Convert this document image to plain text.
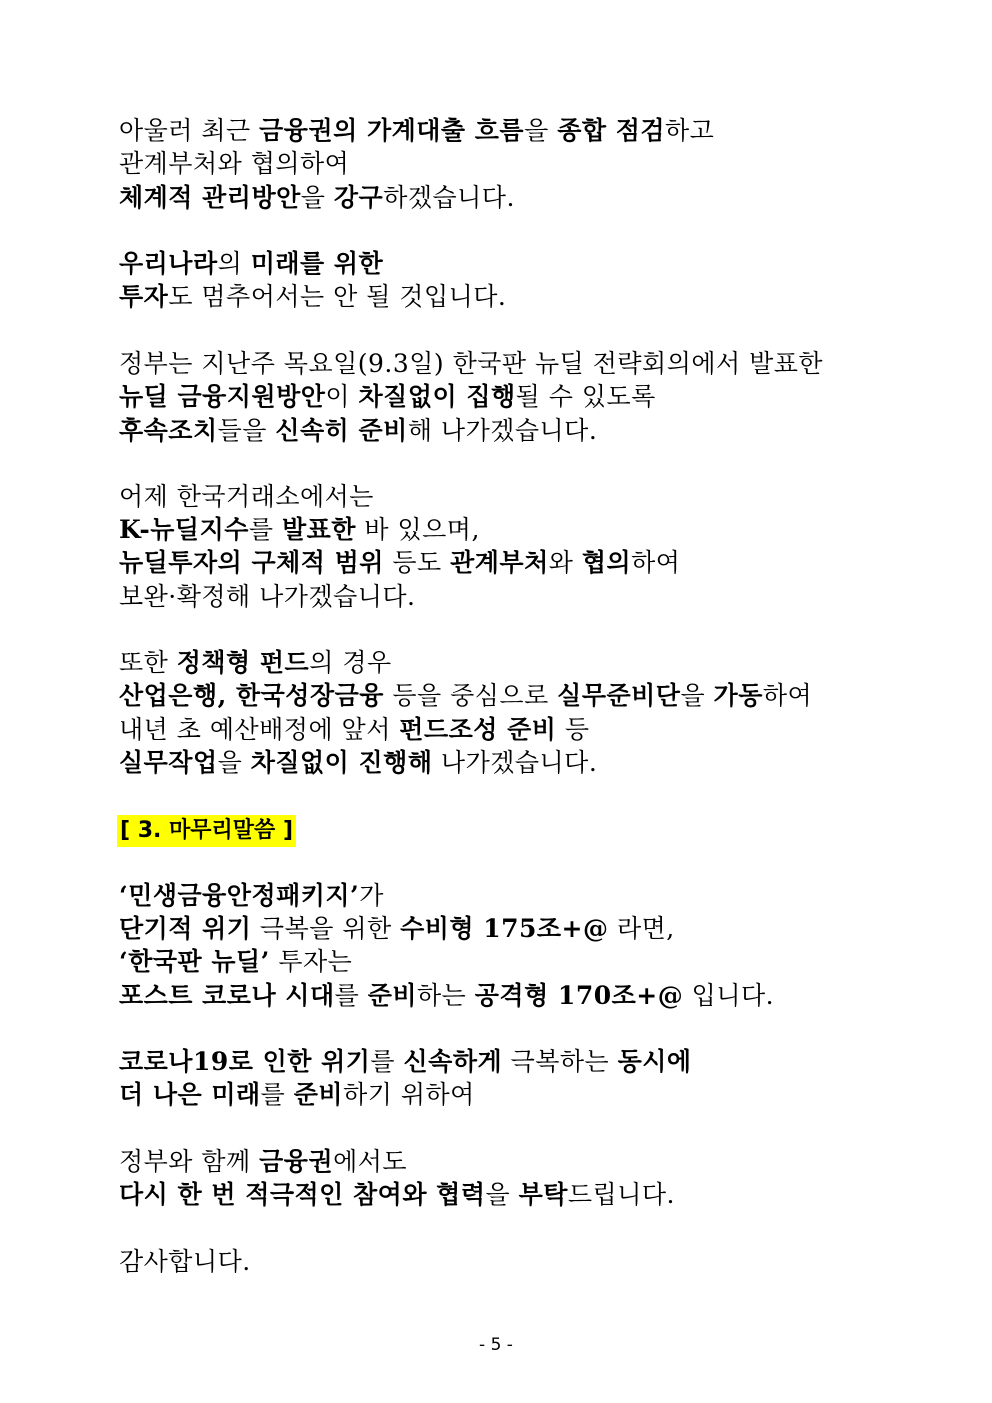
아울러 최근 금융권의 가계대출 흐름을 종합 점검하고
관계부처와 협의하여
체계적 관리방안을 강구하겠습니다.
우리나라의 미래를 위한
투자도 멈추어서는 안 될 것입니다.
정부는 지난주 목요일(9.3일) 한국판 뉴딜 전략회의에서 발표한
뉴딜 금융지원방안이 차질없이 집행될 수 있도록
후속조치들을 신속히 준비해 나가겠습니다.
어제 한국거래소에서는
K-뉴딜지수를 발표한 바 있으며,
뉴딜투자의 구체적 범위 등도 관계부처와 협의하여
보완·확정해 나가겠습니다.
또한 정책형 펀드의 경우
산업은행, 한국성장금융 등을 중심으로 실무준비단을 가동하여
내년 초 예산배정에 앞서 펀드조성 준비 등
실무작업을 차질없이 진행해 나가겠습니다.
[ 3. 마무리말씀 ]
‘민생금융안정패키지’가
단기적 위기 극복을 위한 수비형 175조+@ 라면,
‘한국판 뉴딜’ 투자는
포스트 코로나 시대를 준비하는 공격형 170조+@ 입니다.
코로나19로 인한 위기를 신속하게 극복하는 동시에
더 나은 미래를 준비하기 위하여
정부와 함께 금융권에서도
다시 한 번 적극적인 참여와 협력을 부탁드립니다.
감사합니다.
- 5 -
